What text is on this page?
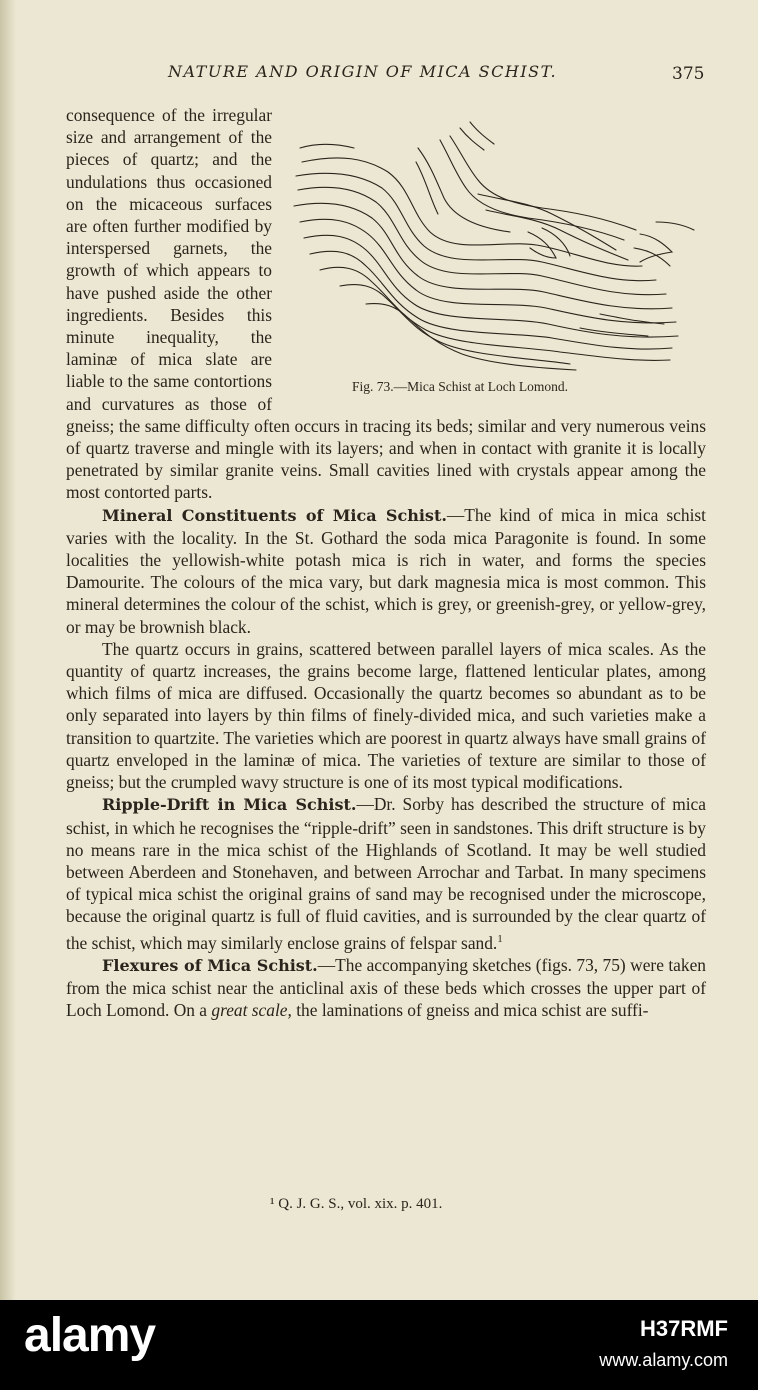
NATURE AND ORIGIN OF MICA SCHIST.	375
Fig. 73.—Mica Schist at Loch Lomond.

consequence of the irregular size and arrangement of the pieces of quartz; and the undulations thus occasioned on the micaceous surfaces are often further modified by interspersed garnets, the growth of which appears to have pushed aside the other ingredients. Besides this minute inequality, the laminæ of mica slate are liable to the same contortions and curvatures as those of gneiss; the same difficulty often occurs in tracing its beds; similar and very numerous veins of quartz traverse and mingle with its layers; and when in contact with granite it is locally penetrated by similar granite veins. Small cavities lined with crystals appear among the most contorted parts.

Mineral Constituents of Mica Schist.—The kind of mica in mica schist varies with the locality. In the St. Gothard the soda mica Paragonite is found. In some localities the yellowish-white potash mica is rich in water, and forms the species Damourite. The colours of the mica vary, but dark magnesia mica is most common. This mineral determines the colour of the schist, which is grey, or greenish-grey, or yellow-grey, or may be brownish black.

The quartz occurs in grains, scattered between parallel layers of mica scales. As the quantity of quartz increases, the grains become large, flattened lenticular plates, among which films of mica are diffused. Occasionally the quartz becomes so abundant as to be only separated into layers by thin films of finely-divided mica, and such varieties make a transition to quartzite. The varieties which are poorest in quartz always have small grains of quartz enveloped in the laminæ of mica. The varieties of texture are similar to those of gneiss; but the crumpled wavy structure is one of its most typical modifications.

Ripple-Drift in Mica Schist.—Dr. Sorby has described the structure of mica schist, in which he recognises the “ripple-drift” seen in sandstones. This drift structure is by no means rare in the mica schist of the Highlands of Scotland. It may be well studied between Aberdeen and Stonehaven, and between Arrochar and Tarbat. In many specimens of typical mica schist the original grains of sand may be recognised under the microscope, because the original quartz is full of fluid cavities, and is surrounded by the clear quartz of the schist, which may similarly enclose grains of felspar sand.$^1$

Flexures of Mica Schist.—The accompanying sketches (figs. 73, 75) were taken from the mica schist near the anticlinal axis of these beds which crosses the upper part of Loch Lomond. On a great scale, the laminations of gneiss and mica schist are suffi-

¹ Q. J. G. S., vol. xix. p. 401.
alamy	H37RMF
www.alamy.com
